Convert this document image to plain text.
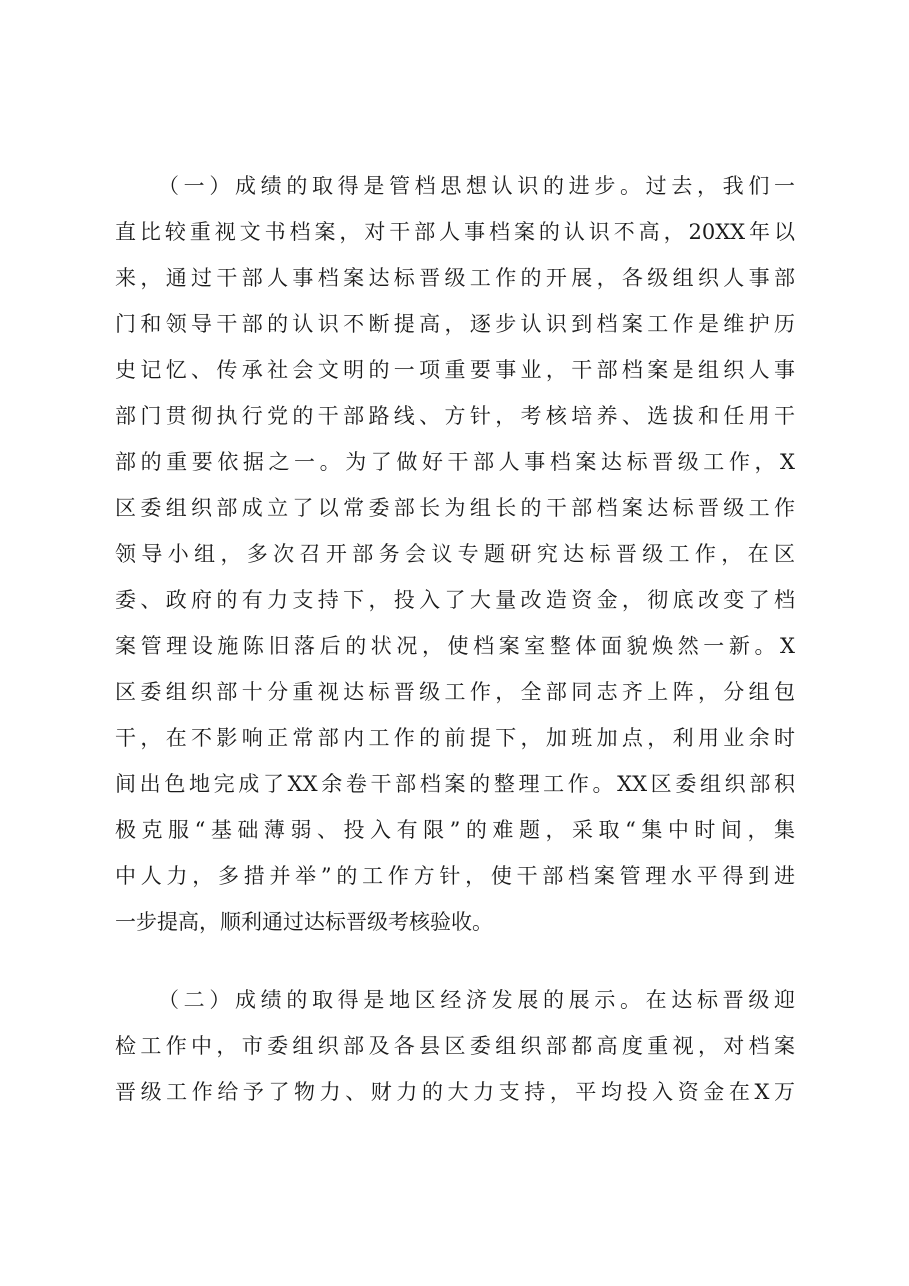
（一）成绩的取得是管档思想认识的进步。过去，我们一
直比较重视文书档案，对干部人事档案的认识不高，20XX年以
来，通过干部人事档案达标晋级工作的开展，各级组织人事部
门和领导干部的认识不断提高，逐步认识到档案工作是维护历
史记忆、传承社会文明的一项重要事业，干部档案是组织人事
部门贯彻执行党的干部路线、方针，考核培养、选拔和任用干
部的重要依据之一。为了做好干部人事档案达标晋级工作，X
区委组织部成立了以常委部长为组长的干部档案达标晋级工作
领导小组，多次召开部务会议专题研究达标晋级工作，在区
委、政府的有力支持下，投入了大量改造资金，彻底改变了档
案管理设施陈旧落后的状况，使档案室整体面貌焕然一新。X
区委组织部十分重视达标晋级工作，全部同志齐上阵，分组包
干，在不影响正常部内工作的前提下，加班加点，利用业余时
间出色地完成了XX余卷干部档案的整理工作。XX区委组织部积
极克服“基础薄弱、投入有限”的难题，采取“集中时间，集
中人力，多措并举”的工作方针，使干部档案管理水平得到进
一步提高，顺利通过达标晋级考核验收。
（二）成绩的取得是地区经济发展的展示。在达标晋级迎
检工作中，市委组织部及各县区委组织部都高度重视，对档案
晋级工作给予了物力、财力的大力支持，平均投入资金在X万
